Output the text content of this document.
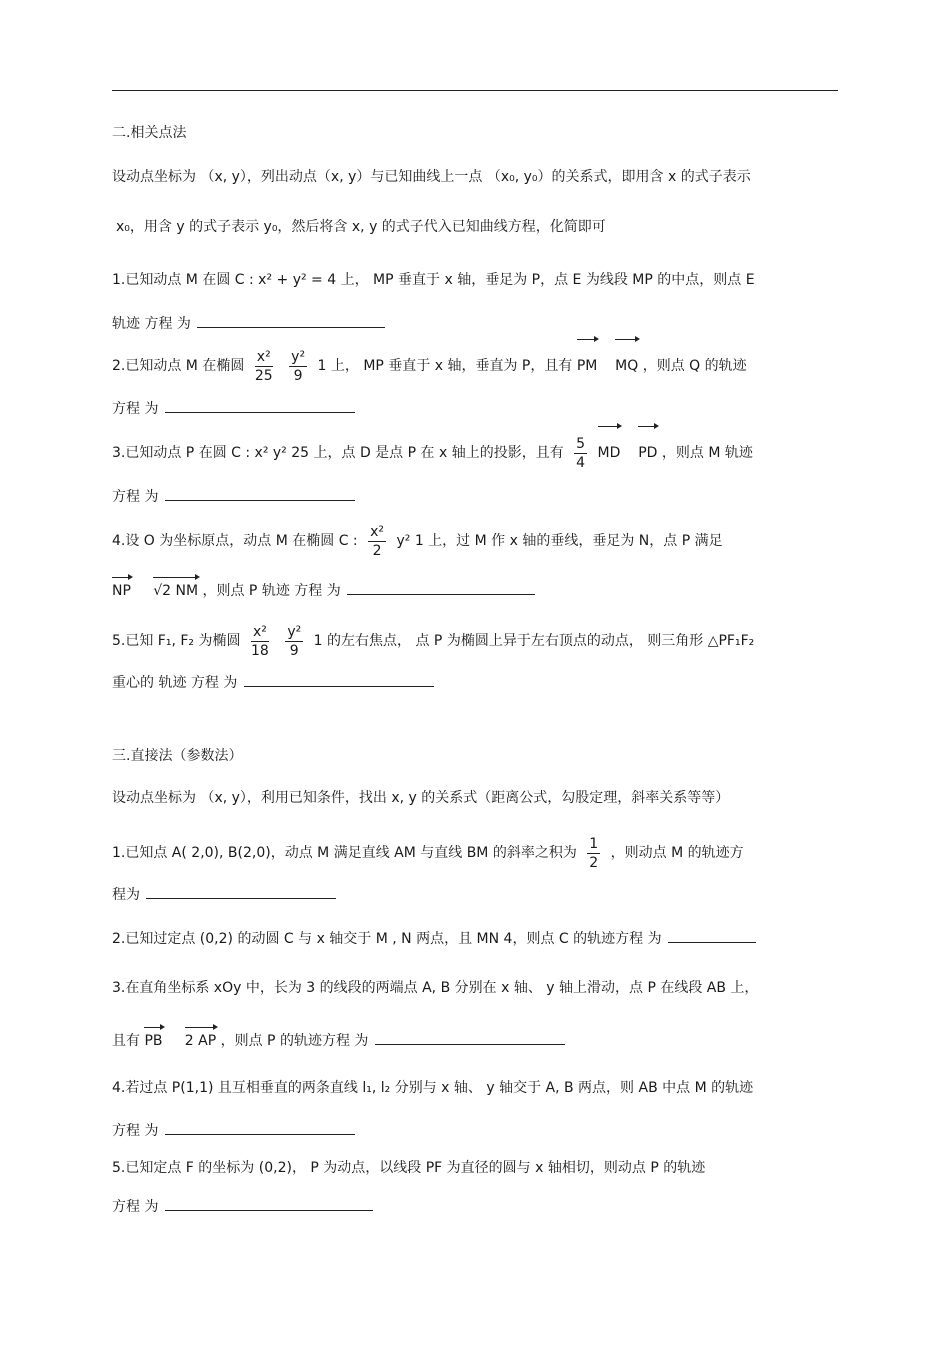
二.相关点法
设动点坐标为 （x, y），列出动点（x, y）与已知曲线上一点 （x₀, y₀）的关系式，即用含 x 的式子表示
x₀，用含 y 的式子表示 y₀，然后将含 x, y 的式子代入已知曲线方程，化简即可
1.已知动点 M 在圆 C : x² + y² = 4 上， MP 垂直于 x 轴，垂足为 P，点 E 为线段 MP 的中点，则点 E
轨迹 方程 为
2.已知动点 M 在椭圆 $\frac{\text{x²}}{25}$
$\frac{\text{y²}}{9} 1$ 上， MP 垂直于 x 轴，垂直为 P，且有 PM MQ ，则点 Q 的轨迹
方程 为
3.已知动点 P 在圆 C : x² y² 25 上，点 D 是点 P 在 x 轴上的投影，且有 $\frac{5}{4}$ MD PD ，则点 M 轨迹
方程 为
4.设 O 为坐标原点，动点 M 在椭圆 C : $\frac{\text{x²}}{2} y^2$ 1 上，过 M 作 x 轴的垂线，垂足为 N，点 P 满足
NP √2 NM ，则点 P 轨迹 方程 为
5.已知 F₁, F₂ 为椭圆 $\frac{\text{x²}}{18}$
$\frac{\text{y²}}{9} 1$ 的左右焦点， 点 P 为椭圆上异于左右顶点的动点， 则三角形 △PF₁F₂
重心的 轨迹 方程 为
三.直接法（参数法）
设动点坐标为 （x, y），利用已知条件，找出 x, y 的关系式（距离公式，勾股定理，斜率关系等等）
1.已知点 A( 2,0), B(2,0)，动点 M 满足直线 AM 与直线 BM 的斜率之积为 $\frac{1}{2}$ ，则动点 M 的轨迹方
程为
2.已知过定点 (0,2) 的动圆 C 与 x 轴交于 M , N 两点，且 MN 4，则点 C 的轨迹方程 为
3.在直角坐标系 xOy 中，长为 3 的线段的两端点 A, B 分别在 x 轴、 y 轴上滑动，点 P 在线段 AB 上，
且有 PB 2 AP ，则点 P 的轨迹方程 为
4.若过点 P(1,1) 且互相垂直的两条直线 l₁, l₂ 分别与 x 轴、 y 轴交于 A, B 两点，则 AB 中点 M 的轨迹
方程 为
5.已知定点 F 的坐标为 (0,2)， P 为动点，以线段 PF 为直径的圆与 x 轴相切，则动点 P 的轨迹
方程 为
